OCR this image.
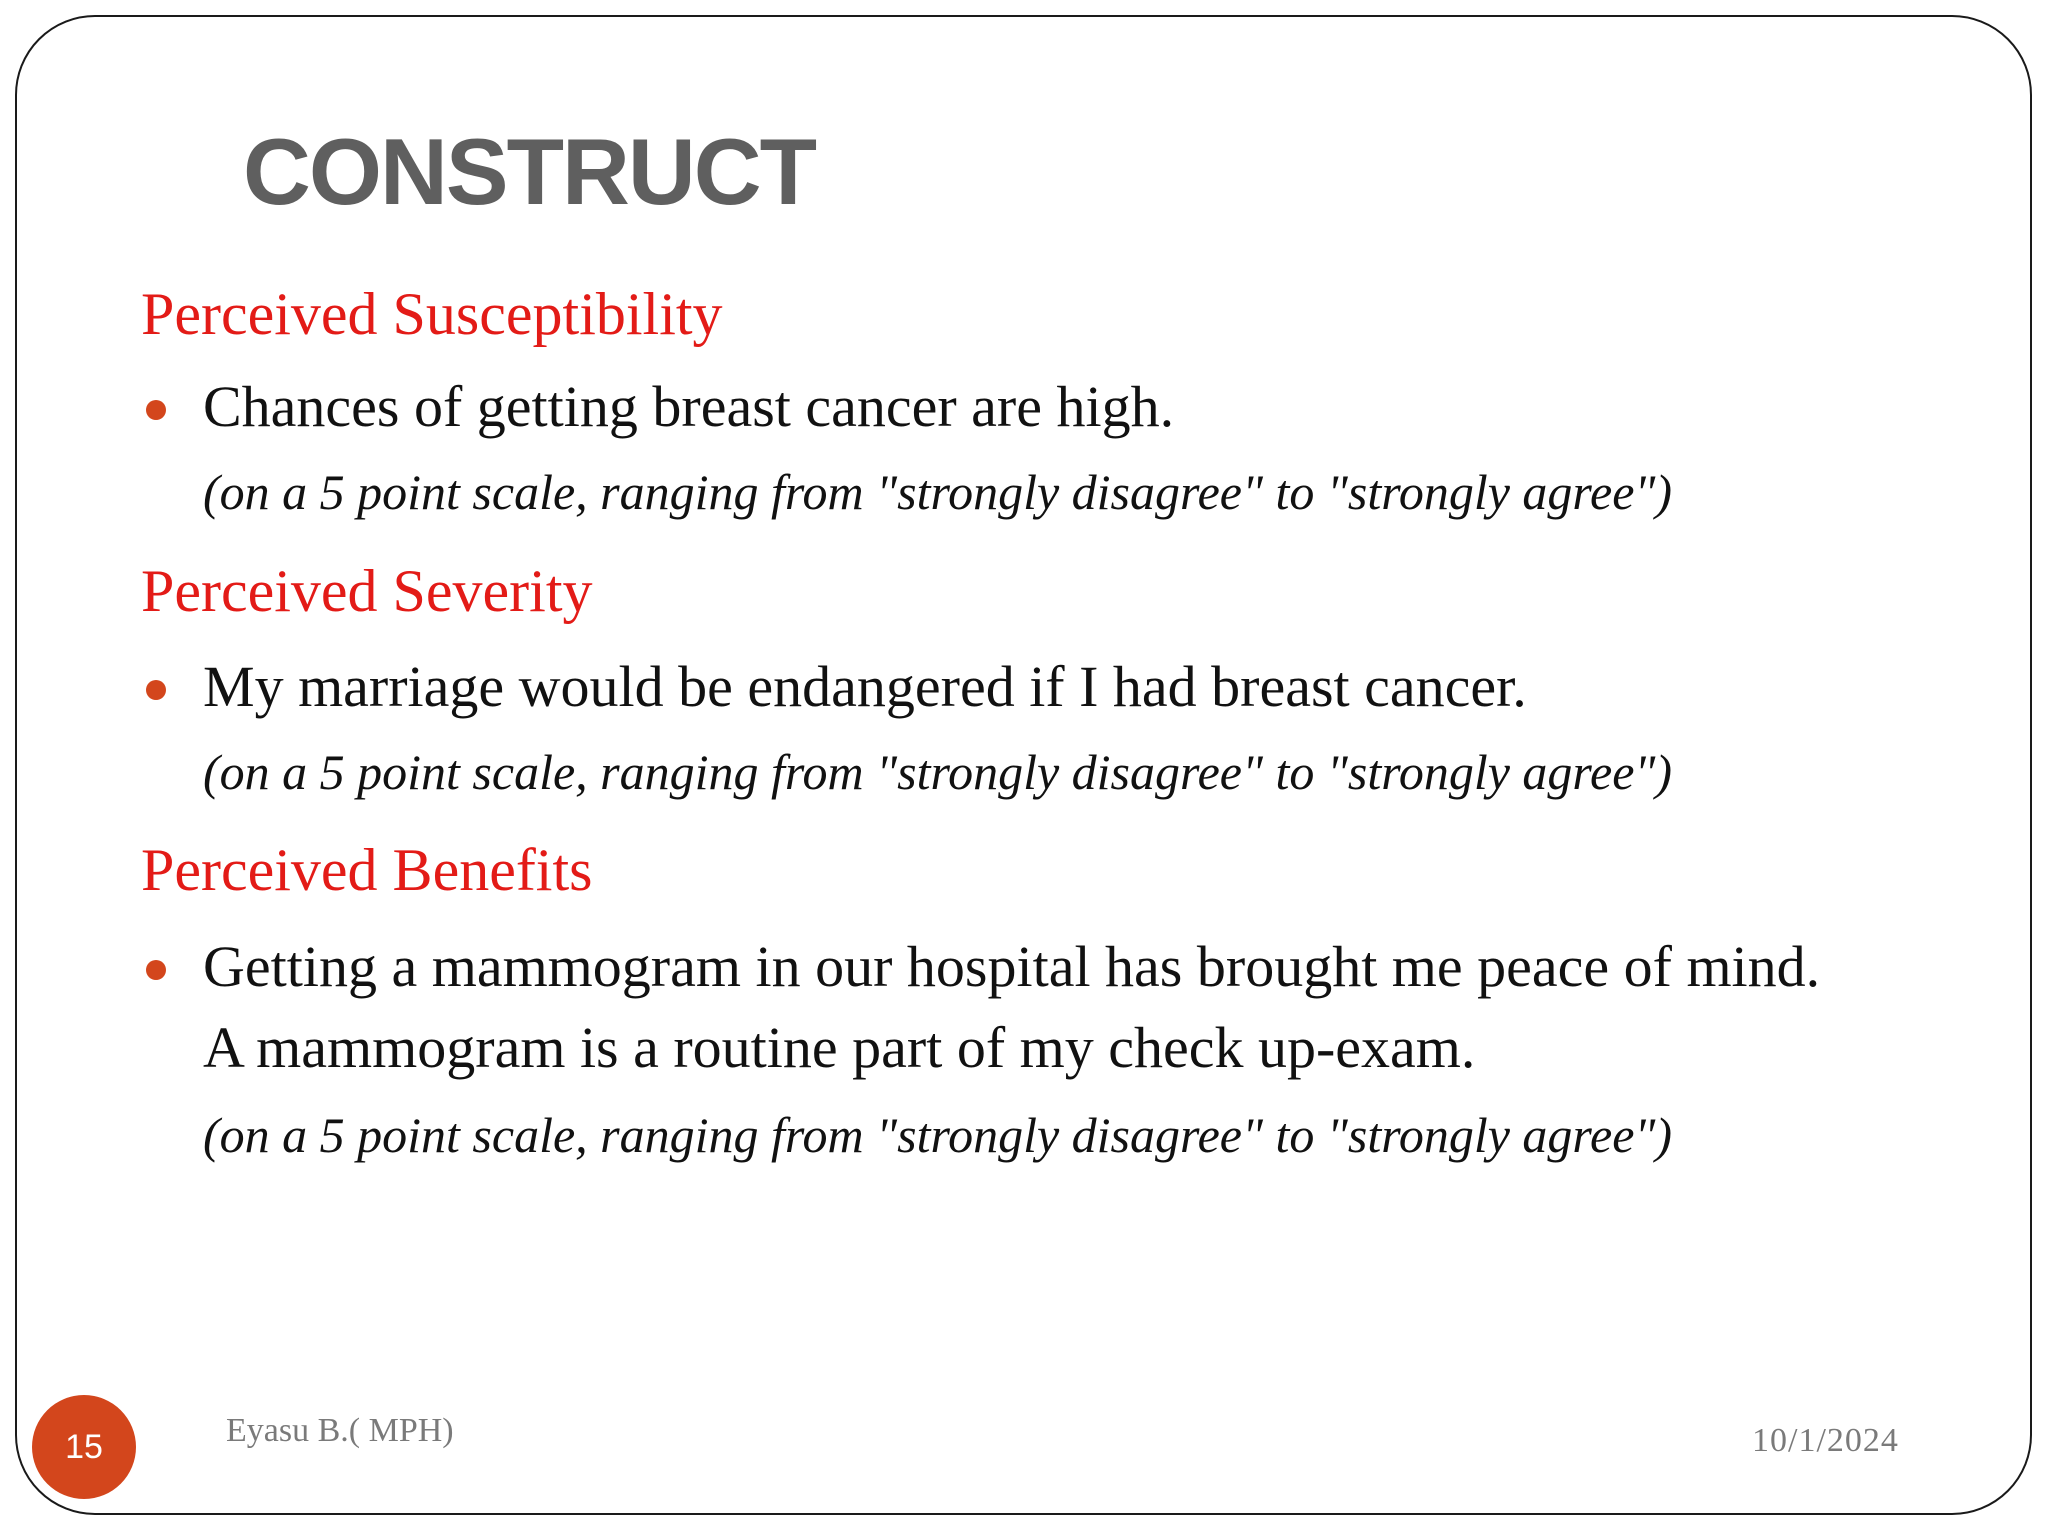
CONSTRUCT
Perceived Susceptibility
Chances of getting breast cancer are high.
(on a 5 point scale, ranging from "strongly disagree" to "strongly agree")
Perceived Severity
My marriage would be endangered if I had breast cancer.
(on a 5 point scale, ranging from "strongly disagree" to "strongly agree")
Perceived Benefits
Getting a mammogram in our hospital has brought me peace of mind.
A mammogram is a routine part of my check up-exam.
(on a 5 point scale, ranging from "strongly disagree" to "strongly agree")
15	Eyasu B.( MPH)	10/1/2024
